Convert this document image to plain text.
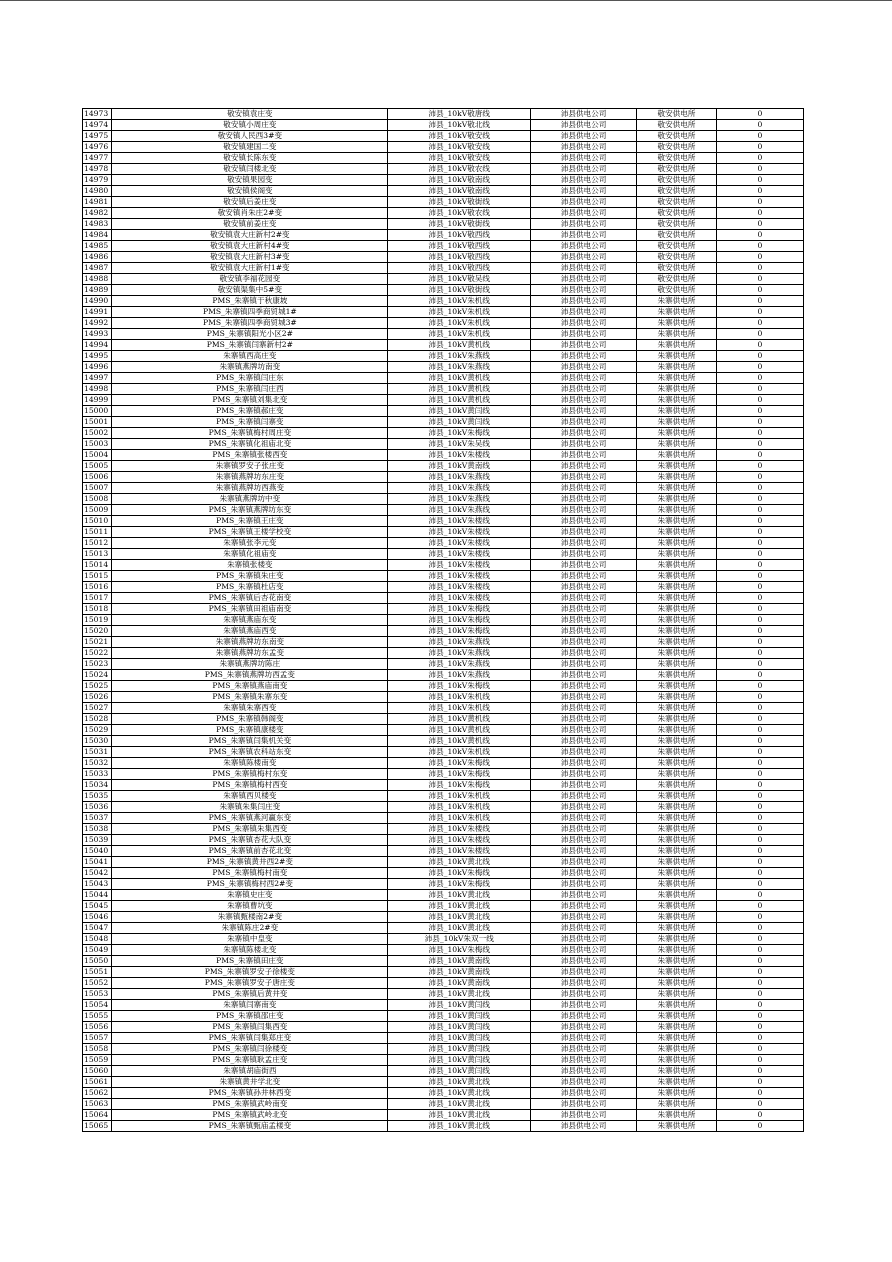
14973	敬安镇袁庄变	沛县_10kV敬唐线	沛县供电公司	敬安供电所	0
14974	敬安镇小周庄变	沛县_10kV敬北线	沛县供电公司	敬安供电所	0
14975	敬安镇人民西3#变	沛县_10kV敬安线	沛县供电公司	敬安供电所	0
14976	敬安镇建国二变	沛县_10kV敬安线	沛县供电公司	敬安供电所	0
14977	敬安镇长陈东变	沛县_10kV敬安线	沛县供电公司	敬安供电所	0
14978	敬安镇闫楼北变	沛县_10kV敬农线	沛县供电公司	敬安供电所	0
14979	敬安镇果园变	沛县_10kV敬南线	沛县供电公司	敬安供电所	0
14980	敬安镇侯阁变	沛县_10kV敬南线	沛县供电公司	敬安供电所	0
14981	敬安镇后姜庄变	沛县_10kV敬街线	沛县供电公司	敬安供电所	0
14982	敬安镇肖朱庄2#变	沛县_10kV敬农线	沛县供电公司	敬安供电所	0
14983	敬安镇前姜庄变	沛县_10kV敬街线	沛县供电公司	敬安供电所	0
14984	敬安镇袁大庄新村2#变	沛县_10kV敬西线	沛县供电公司	敬安供电所	0
14985	敬安镇袁大庄新村4#变	沛县_10kV敬西线	沛县供电公司	敬安供电所	0
14986	敬安镇袁大庄新村3#变	沛县_10kV敬西线	沛县供电公司	敬安供电所	0
14987	敬安镇袁大庄新村1#变	沛县_10kV敬西线	沛县供电公司	敬安供电所	0
14988	敬安镇李福花园变	沛县_10kV敬吴线	沛县供电公司	敬安供电所	0
14989	敬安镇渠集中5#变	沛县_10kV敬街线	沛县供电公司	敬安供电所	0
14990	PMS_朱寨镇于秋康坡	沛县_10kV朱机线	沛县供电公司	朱寨供电所	0
14991	PMS_朱寨镇四季商贸城1#	沛县_10kV朱机线	沛县供电公司	朱寨供电所	0
14992	PMS_朱寨镇四季商贸城3#	沛县_10kV朱机线	沛县供电公司	朱寨供电所	0
14993	PMS_朱寨镇阳光小区2#	沛县_10kV朱机线	沛县供电公司	朱寨供电所	0
14994	PMS_朱寨镇闫寨新村2#	沛县_10kV黄机线	沛县供电公司	朱寨供电所	0
14995	朱寨镇西高庄变	沛县_10kV朱燕线	沛县供电公司	朱寨供电所	0
14996	朱寨镇燕牌坊南变	沛县_10kV朱燕线	沛县供电公司	朱寨供电所	0
14997	PMS_朱寨镇闫庄东	沛县_10kV黄机线	沛县供电公司	朱寨供电所	0
14998	PMS_朱寨镇闫庄西	沛县_10kV黄机线	沛县供电公司	朱寨供电所	0
14999	PMS_朱寨镇刘集北变	沛县_10kV黄机线	沛县供电公司	朱寨供电所	0
15000	PMS_朱寨镇郝庄变	沛县_10kV黄闫线	沛县供电公司	朱寨供电所	0
15001	PMS_朱寨镇闫寨变	沛县_10kV黄闫线	沛县供电公司	朱寨供电所	0
15002	PMS_朱寨镇梅村周庄变	沛县_10kV朱梅线	沛县供电公司	朱寨供电所	0
15003	PMS_朱寨镇化祖庙北变	沛县_10kV朱吴线	沛县供电公司	朱寨供电所	0
15004	PMS_朱寨镇张楼西变	沛县_10kV朱楼线	沛县供电公司	朱寨供电所	0
15005	朱寨镇罗安子张庄变	沛县_10kV黄南线	沛县供电公司	朱寨供电所	0
15006	朱寨镇燕牌坊东庄变	沛县_10kV朱燕线	沛县供电公司	朱寨供电所	0
15007	朱寨镇燕牌坊西燕变	沛县_10kV朱燕线	沛县供电公司	朱寨供电所	0
15008	朱寨镇燕牌坊中变	沛县_10kV朱燕线	沛县供电公司	朱寨供电所	0
15009	PMS_朱寨镇燕牌坊东变	沛县_10kV朱燕线	沛县供电公司	朱寨供电所	0
15010	PMS_朱寨镇王庄变	沛县_10kV朱楼线	沛县供电公司	朱寨供电所	0
15011	PMS_朱寨镇王楼学校变	沛县_10kV朱楼线	沛县供电公司	朱寨供电所	0
15012	朱寨镇张李元变	沛县_10kV朱楼线	沛县供电公司	朱寨供电所	0
15013	朱寨镇化祖庙变	沛县_10kV朱楼线	沛县供电公司	朱寨供电所	0
15014	朱寨镇张楼变	沛县_10kV朱楼线	沛县供电公司	朱寨供电所	0
15015	PMS_朱寨镇朱庄变	沛县_10kV朱楼线	沛县供电公司	朱寨供电所	0
15016	PMS_朱寨镇杜店变	沛县_10kV朱楼线	沛县供电公司	朱寨供电所	0
15017	PMS_朱寨镇后杏花南变	沛县_10kV朱楼线	沛县供电公司	朱寨供电所	0
15018	PMS_朱寨镇田祖庙南变	沛县_10kV朱梅线	沛县供电公司	朱寨供电所	0
15019	朱寨镇燕庙东变	沛县_10kV朱梅线	沛县供电公司	朱寨供电所	0
15020	朱寨镇燕庙西变	沛县_10kV朱梅线	沛县供电公司	朱寨供电所	0
15021	朱寨镇燕牌坊东南变	沛县_10kV朱燕线	沛县供电公司	朱寨供电所	0
15022	朱寨镇燕牌坊东孟变	沛县_10kV朱燕线	沛县供电公司	朱寨供电所	0
15023	朱寨镇燕牌坊陈庄	沛县_10kV朱燕线	沛县供电公司	朱寨供电所	0
15024	PMS_朱寨镇燕牌坊西孟变	沛县_10kV朱燕线	沛县供电公司	朱寨供电所	0
15025	PMS_朱寨镇燕庙南变	沛县_10kV朱梅线	沛县供电公司	朱寨供电所	0
15026	PMS_朱寨镇朱寨东变	沛县_10kV朱机线	沛县供电公司	朱寨供电所	0
15027	朱寨镇朱寨西变	沛县_10kV朱机线	沛县供电公司	朱寨供电所	0
15028	PMS_朱寨镇韩阁变	沛县_10kV黄机线	沛县供电公司	朱寨供电所	0
15029	PMS_朱寨镇康楼变	沛县_10kV黄机线	沛县供电公司	朱寨供电所	0
15030	PMS_朱寨镇闫集机关变	沛县_10kV黄机线	沛县供电公司	朱寨供电所	0
15031	PMS_朱寨镇农科站东变	沛县_10kV朱机线	沛县供电公司	朱寨供电所	0
15032	朱寨镇陈楼南变	沛县_10kV朱梅线	沛县供电公司	朱寨供电所	0
15033	PMS_朱寨镇梅村东变	沛县_10kV朱梅线	沛县供电公司	朱寨供电所	0
15034	PMS_朱寨镇梅村西变	沛县_10kV朱梅线	沛县供电公司	朱寨供电所	0
15035	朱寨镇西贝楼变	沛县_10kV朱机线	沛县供电公司	朱寨供电所	0
15036	朱寨镇朱集闫庄变	沛县_10kV朱机线	沛县供电公司	朱寨供电所	0
15037	PMS_朱寨镇燕河赢东变	沛县_10kV朱机线	沛县供电公司	朱寨供电所	0
15038	PMS_朱寨镇朱集西变	沛县_10kV朱楼线	沛县供电公司	朱寨供电所	0
15039	PMS_朱寨镇杏花大队变	沛县_10kV朱楼线	沛县供电公司	朱寨供电所	0
15040	PMS_朱寨镇前杏花北变	沛县_10kV朱楼线	沛县供电公司	朱寨供电所	0
15041	PMS_朱寨镇黄井西2#变	沛县_10kV黄北线	沛县供电公司	朱寨供电所	0
15042	PMS_朱寨镇梅村南变	沛县_10kV朱梅线	沛县供电公司	朱寨供电所	0
15043	PMS_朱寨镇梅村西2#变	沛县_10kV朱梅线	沛县供电公司	朱寨供电所	0
15044	朱寨镇史庄变	沛县_10kV黄北线	沛县供电公司	朱寨供电所	0
15045	朱寨镇曹坑变	沛县_10kV黄北线	沛县供电公司	朱寨供电所	0
15046	朱寨镇甄楼南2#变	沛县_10kV黄北线	沛县供电公司	朱寨供电所	0
15047	朱寨镇陈庄2#变	沛县_10kV黄北线	沛县供电公司	朱寨供电所	0
15048	朱寨镇中皇变	沛县_10kV朱双一线	沛县供电公司	朱寨供电所	0
15049	朱寨镇陈楼北变	沛县_10kV朱梅线	沛县供电公司	朱寨供电所	0
15050	PMS_朱寨镇田庄变	沛县_10kV黄南线	沛县供电公司	朱寨供电所	0
15051	PMS_朱寨镇罗安子徐楼变	沛县_10kV黄南线	沛县供电公司	朱寨供电所	0
15052	PMS_朱寨镇罗安子唐庄变	沛县_10kV黄南线	沛县供电公司	朱寨供电所	0
15053	PMS_朱寨镇后黄井变	沛县_10kV黄北线	沛县供电公司	朱寨供电所	0
15054	朱寨镇闫寨南变	沛县_10kV黄闫线	沛县供电公司	朱寨供电所	0
15055	PMS_朱寨镇邵庄变	沛县_10kV黄闫线	沛县供电公司	朱寨供电所	0
15056	PMS_朱寨镇闫集西变	沛县_10kV黄闫线	沛县供电公司	朱寨供电所	0
15057	PMS_朱寨镇闫集郑庄变	沛县_10kV黄闫线	沛县供电公司	朱寨供电所	0
15058	PMS_朱寨镇闫徐楼变	沛县_10kV黄闫线	沛县供电公司	朱寨供电所	0
15059	PMS_朱寨镇耿孟庄变	沛县_10kV黄闫线	沛县供电公司	朱寨供电所	0
15060	朱寨镇胡庙街西	沛县_10kV黄闫线	沛县供电公司	朱寨供电所	0
15061	朱寨镇黄井学北变	沛县_10kV黄北线	沛县供电公司	朱寨供电所	0
15062	PMS_朱寨镇孙井林西变	沛县_10kV黄北线	沛县供电公司	朱寨供电所	0
15063	PMS_朱寨镇武岭南变	沛县_10kV黄北线	沛县供电公司	朱寨供电所	0
15064	PMS_朱寨镇武岭北变	沛县_10kV黄北线	沛县供电公司	朱寨供电所	0
15065	PMS_朱寨镇甄庙孟楼变	沛县_10kV黄北线	沛县供电公司	朱寨供电所	0
